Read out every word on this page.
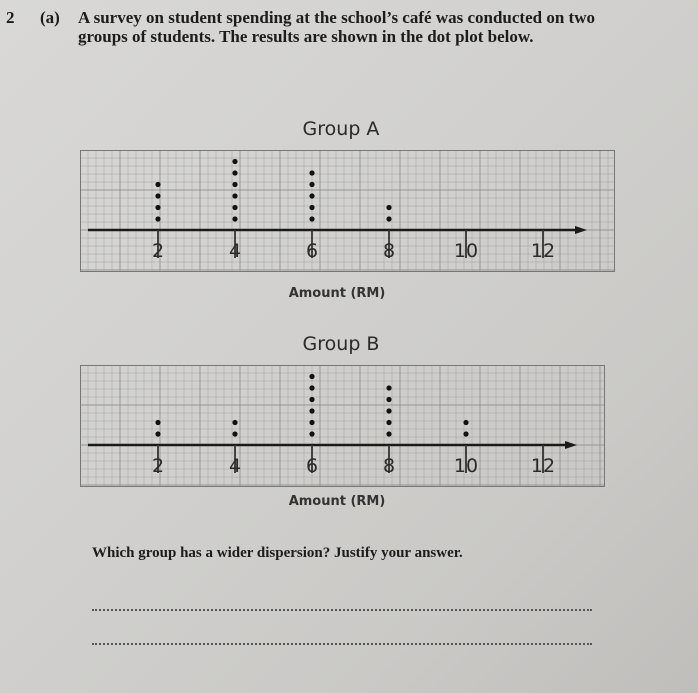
2 (a) A survey on student spending at the school’s café was conducted on two groups of students. The results are shown in the dot plot below.
Group A
2	4	6	8	10	12
Amount (RM)
Group B
2	4	6	8	10	12
Amount (RM)
Which group has a wider dispersion? Justify your answer.
